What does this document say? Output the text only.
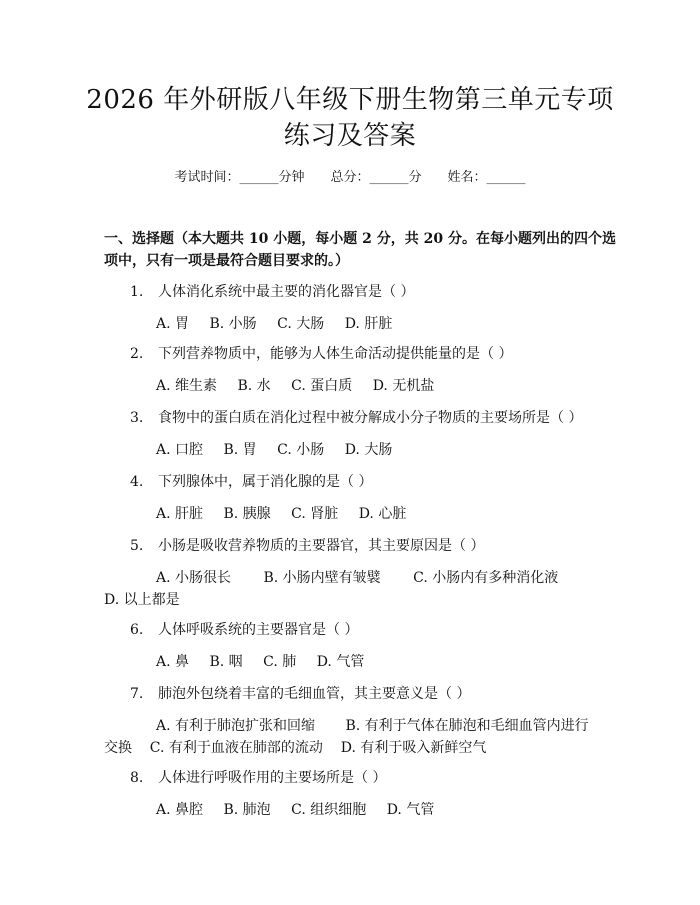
2026 年外研版八年级下册生物第三单元专项
练习及答案
考试时间：______分钟 总分：______分 姓名：______
一、选择题（本大题共 10 小题，每小题 2 分，共 20 分。在每小题列出的四个选项中，只有一项是最符合题目要求的。）
1. 人体消化系统中最主要的消化器官是（ ）
A. 胃 B. 小肠 C. 大肠 D. 肝脏
2. 下列营养物质中，能够为人体生命活动提供能量的是（ ）
A. 维生素 B. 水 C. 蛋白质 D. 无机盐
3. 食物中的蛋白质在消化过程中被分解成小分子物质的主要场所是（ ）
A. 口腔 B. 胃 C. 小肠 D. 大肠
4. 下列腺体中，属于消化腺的是（ ）
A. 肝脏 B. 胰腺 C. 肾脏 D. 心脏
5. 小肠是吸收营养物质的主要器官，其主要原因是（ ）
A. 小肠很长 B. 小肠内壁有皱襞 C. 小肠内有多种消化液
D. 以上都是
6. 人体呼吸系统的主要器官是（ ）
A. 鼻 B. 咽 C. 肺 D. 气管
7. 肺泡外包绕着丰富的毛细血管，其主要意义是（ ）
A. 有利于肺泡扩张和回缩 B. 有利于气体在肺泡和毛细血管内进行
交换    C. 有利于血液在肺部的流动    D. 有利于吸入新鲜空气
8. 人体进行呼吸作用的主要场所是（ ）
A. 鼻腔 B. 肺泡 C. 组织细胞 D. 气管
